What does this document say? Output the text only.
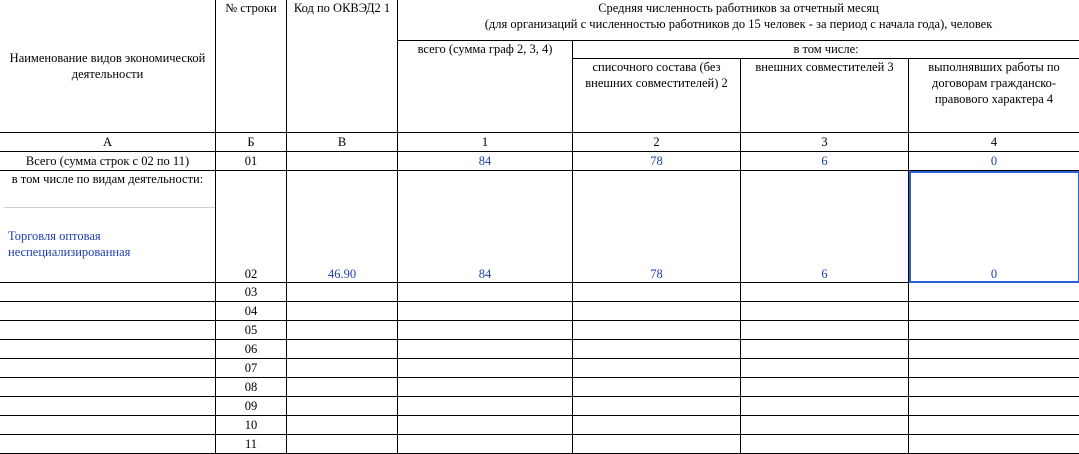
Наименование видов экономической деятельности	№ строки	Код по ОКВЭД2 1	Средняя численность работников за отчетный месяц
(для организаций с численностью работников до 15 человек - за период с начала года), человек			

			всего (сумма граф 2, 3, 4)	в том числе:		
				списочного состава (без внешних совместителей) 2	внешних совместителей 3	выполнявших работы по договорам гражданско-правового характера 4
А	Б	В	1	2	3	4
Всего (сумма строк с 02 по 11)	01		84	78	6	0

в том числе по видам деятельности:
Торговля оптовая неспециализированная	02	46.90	84	78	6	0
	03					
	04					
	05					
	06					
	07					
	08					
	09					
	10					
	11					
